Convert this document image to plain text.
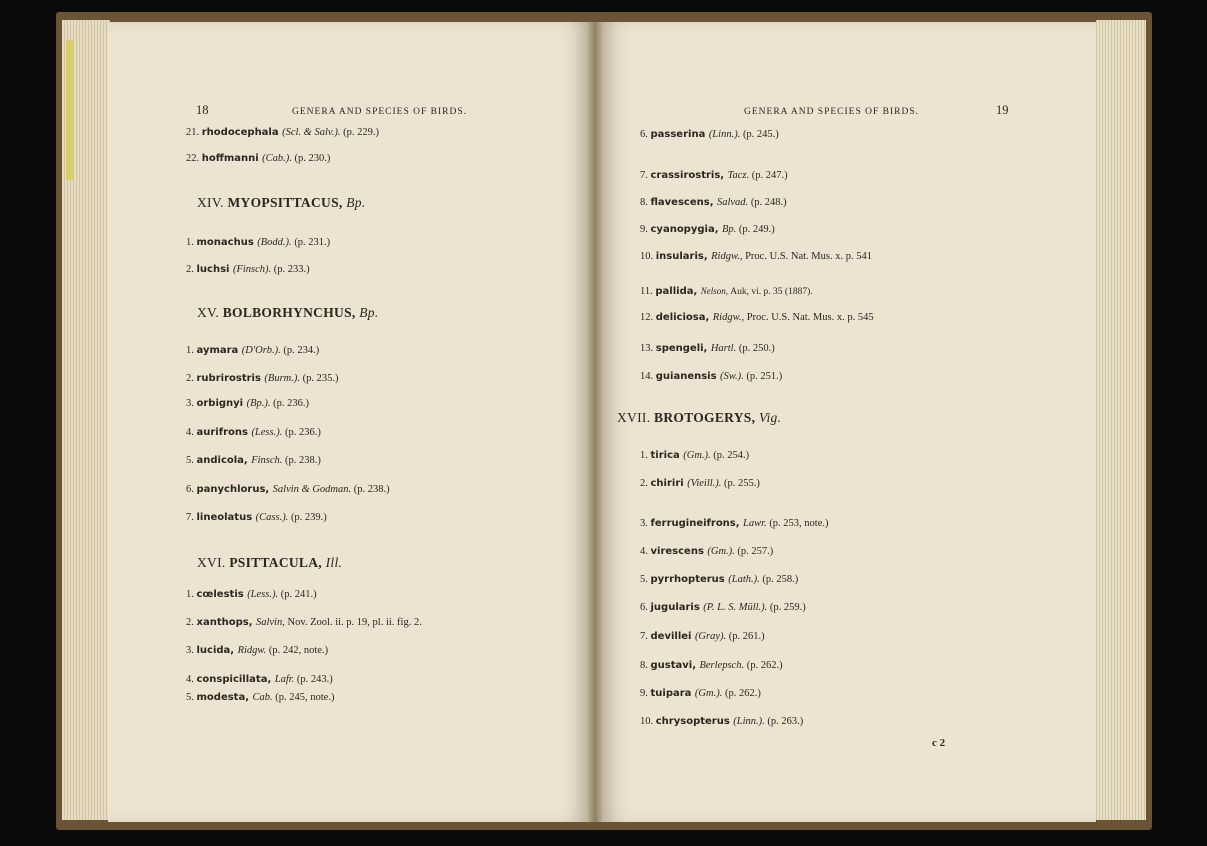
18	GENERA AND SPECIES OF BIRDS.	GENERA AND SPECIES OF BIRDS.	19
c 2
21. rhodocephala (Scl. & Salv.). (p. 229.)
22. hoffmanni (Cab.). (p. 230.)
XIV. MYOPSITTACUS, Bp.
1. monachus (Bodd.). (p. 231.)
2. luchsi (Finsch). (p. 233.)
XV. BOLBORHYNCHUS, Bp.
1. aymara (D'Orb.). (p. 234.)
2. rubrirostris (Burm.). (p. 235.)
3. orbignyi (Bp.). (p. 236.)
4. aurifrons (Less.). (p. 236.)
5. andicola, Finsch. (p. 238.)
6. panychlorus, Salvin & Godman. (p. 238.)
7. lineolatus (Cass.). (p. 239.)
XVI. PSITTACULA, Ill.
1. cœlestis (Less.). (p. 241.)
2. xanthops, Salvin, Nov. Zool. ii. p. 19, pl. ii. fig. 2.
3. lucida, Ridgw. (p. 242, note.)
4. conspicillata, Lafr. (p. 243.)
5. modesta, Cab. (p. 245, note.)
6. passerina (Linn.). (p. 245.)
7. crassirostris, Tacz. (p. 247.)
8. flavescens, Salvad. (p. 248.)
9. cyanopygia, Bp. (p. 249.)
10. insularis, Ridgw., Proc. U.S. Nat. Mus. x. p. 541
11. pallida, Nelson, Auk, vi. p. 35 (1887).
12. deliciosa, Ridgw., Proc. U.S. Nat. Mus. x. p. 545
13. spengeli, Hartl. (p. 250.)
14. guianensis (Sw.). (p. 251.)
XVII. BROTOGERYS, Vig.
1. tirica (Gm.). (p. 254.)
2. chiriri (Vieill.). (p. 255.)
3. ferrugineifrons, Lawr. (p. 253, note.)
4. virescens (Gm.). (p. 257.)
5. pyrrhopterus (Lath.). (p. 258.)
6. jugularis (P. L. S. Müll.). (p. 259.)
7. devillei (Gray). (p. 261.)
8. gustavi, Berlepsch. (p. 262.)
9. tuipara (Gm.). (p. 262.)
10. chrysopterus (Linn.). (p. 263.)
